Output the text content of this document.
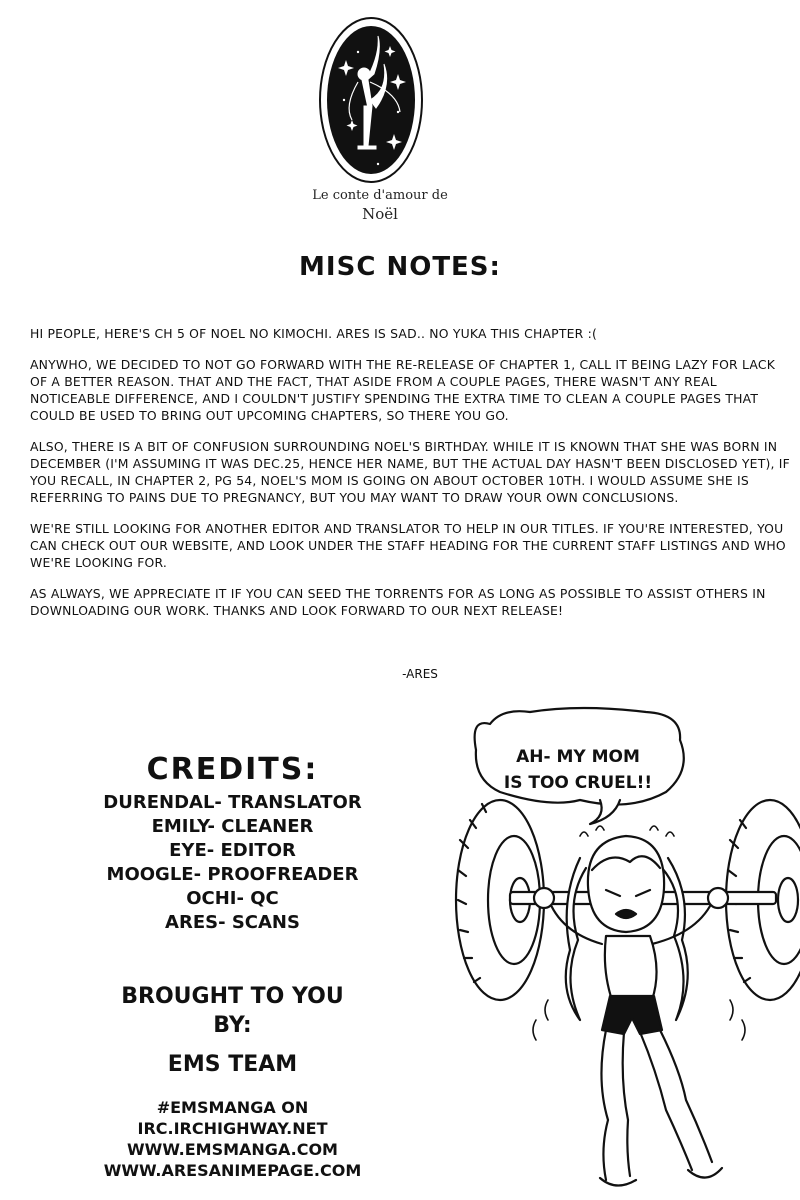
Le conte d'amour de
Noël
MISC NOTES:

HI PEOPLE, HERE'S CH 5 OF NOEL NO KIMOCHI. ARES IS SAD.. NO YUKA THIS CHAPTER :(

ANYWHO, WE DECIDED TO NOT GO FORWARD WITH THE RE-RELEASE OF CHAPTER 1, CALL IT BEING LAZY FOR LACK OF A BETTER REASON. THAT AND THE FACT, THAT ASIDE FROM A COUPLE PAGES, THERE WASN'T ANY REAL NOTICEABLE DIFFERENCE, AND I COULDN'T JUSTIFY SPENDING THE EXTRA TIME TO CLEAN A COUPLE PAGES THAT COULD BE USED TO BRING OUT UPCOMING CHAPTERS, SO THERE YOU GO.

ALSO, THERE IS A BIT OF CONFUSION SURROUNDING NOEL'S BIRTHDAY. WHILE IT IS KNOWN THAT SHE WAS BORN IN DECEMBER (I'M ASSUMING IT WAS DEC.25, HENCE HER NAME, BUT THE ACTUAL DAY HASN'T BEEN DISCLOSED YET), IF YOU RECALL, IN CHAPTER 2, PG 54, NOEL'S MOM IS GOING ON ABOUT OCTOBER 10TH. I WOULD ASSUME SHE IS REFERRING TO PAINS DUE TO PREGNANCY, BUT YOU MAY WANT TO DRAW YOUR OWN CONCLUSIONS.

WE'RE STILL LOOKING FOR ANOTHER EDITOR AND TRANSLATOR TO HELP IN OUR TITLES. IF YOU'RE INTERESTED, YOU CAN CHECK OUT OUR WEBSITE, AND LOOK UNDER THE STAFF HEADING FOR THE CURRENT STAFF LISTINGS AND WHO WE'RE LOOKING FOR.

AS ALWAYS, WE APPRECIATE IT IF YOU CAN SEED THE TORRENTS FOR AS LONG AS POSSIBLE TO ASSIST OTHERS IN DOWNLOADING OUR WORK. THANKS AND LOOK FORWARD TO OUR NEXT RELEASE!

-ARES
CREDITS:
DURENDAL- TRANSLATOR
EMILY- CLEANER
EYE- EDITOR
MOOGLE- PROOFREADER
OCHI- QC
ARES- SCANS
BROUGHT TO YOU
BY:
EMS TEAM
#EMSMANGA ON
IRC.IRCHIGHWAY.NET
WWW.EMSMANGA.COM
WWW.ARESANIMEPAGE.COM
AH- MY MOM
IS TOO CRUEL!!
